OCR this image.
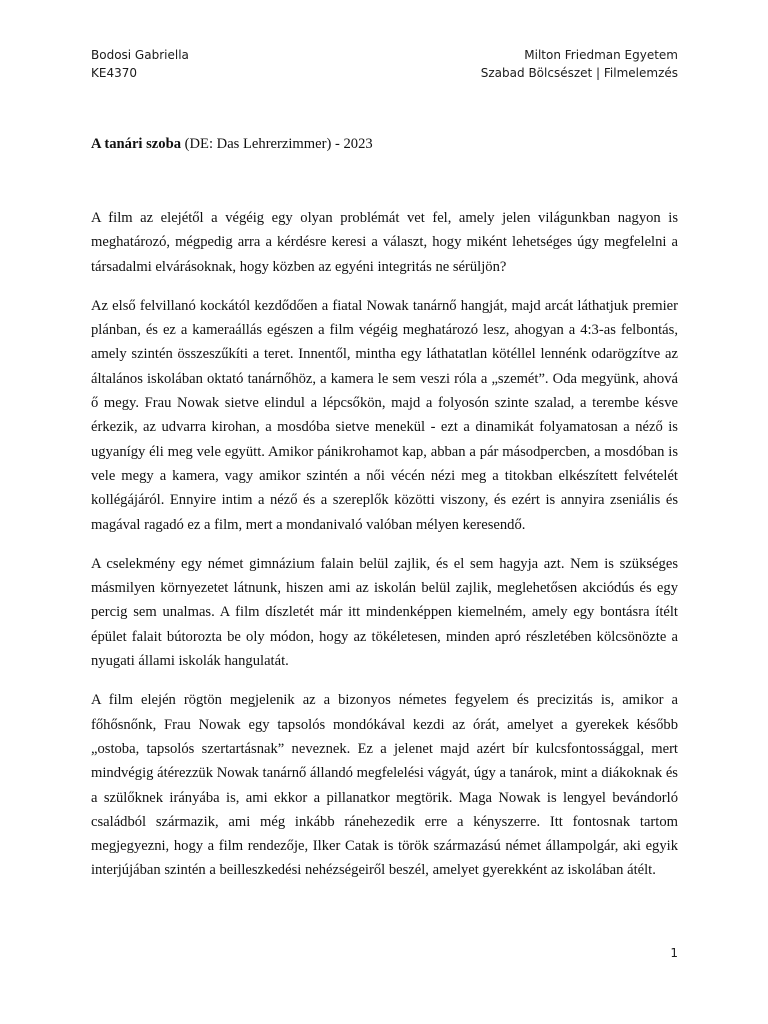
Bodosi Gabriella
KE4370
Milton Friedman Egyetem
Szabad Bölcsészet | Filmelemzés
A tanári szoba (DE: Das Lehrerzimmer) - 2023

A film az elejétől a végéig egy olyan problémát vet fel, amely jelen világunkban nagyon is meghatározó, mégpedig arra a kérdésre keresi a választ, hogy miként lehetséges úgy megfelelni a társadalmi elvárásoknak, hogy közben az egyéni integritás ne sérüljön?

Az első felvillanó kockától kezdődően a fiatal Nowak tanárnő hangját, majd arcát láthatjuk premier plánban, és ez a kameraállás egészen a film végéig meghatározó lesz, ahogyan a 4:3-as felbontás, amely szintén összeszűkíti a teret. Innentől, mintha egy láthatatlan kötéllel lennénk odarögzítve az általános iskolában oktató tanárnőhöz, a kamera le sem veszi róla a „szemét”. Oda megyünk, ahová ő megy. Frau Nowak sietve elindul a lépcsőkön, majd a folyosón szinte szalad, a terembe késve érkezik, az udvarra kirohan, a mosdóba sietve menekül - ezt a dinamikát folyamatosan a néző is ugyanígy éli meg vele együtt. Amikor pánikrohamot kap, abban a pár másodpercben, a mosdóban is vele megy a kamera, vagy amikor szintén a női vécén nézi meg a titokban elkészített felvételét kollégájáról. Ennyire intim a néző és a szereplők közötti viszony, és ezért is annyira zseniális és magával ragadó ez a film, mert a mondanivaló valóban mélyen keresendő.

A cselekmény egy német gimnázium falain belül zajlik, és el sem hagyja azt. Nem is szükséges másmilyen környezetet látnunk, hiszen ami az iskolán belül zajlik, meglehetősen akciódús és egy percig sem unalmas. A film díszletét már itt mindenképpen kiemelném, amely egy bontásra ítélt épület falait bútorozta be oly módon, hogy az tökéletesen, minden apró részletében kölcsönözte a nyugati állami iskolák hangulatát.

A film elején rögtön megjelenik az a bizonyos németes fegyelem és precizitás is, amikor a főhősnőnk, Frau Nowak egy tapsolós mondókával kezdi az órát, amelyet a gyerekek később „ostoba, tapsolós szertartásnak” neveznek. Ez a jelenet majd azért bír kulcsfontossággal, mert mindvégig átérezzük Nowak tanárnő állandó megfelelési vágyát, úgy a tanárok, mint a diákoknak és a szülőknek irányába is, ami ekkor a pillanatkor megtörik. Maga Nowak is lengyel bevándorló családból származik, ami még inkább ránehezedik erre a kényszerre. Itt fontosnak tartom megjegyezni, hogy a film rendezője, Ilker Catak is török származású német állampolgár, aki egyik interjújában szintén a beilleszkedési nehézségeiről beszél, amelyet gyerekként az iskolában átélt.

1
